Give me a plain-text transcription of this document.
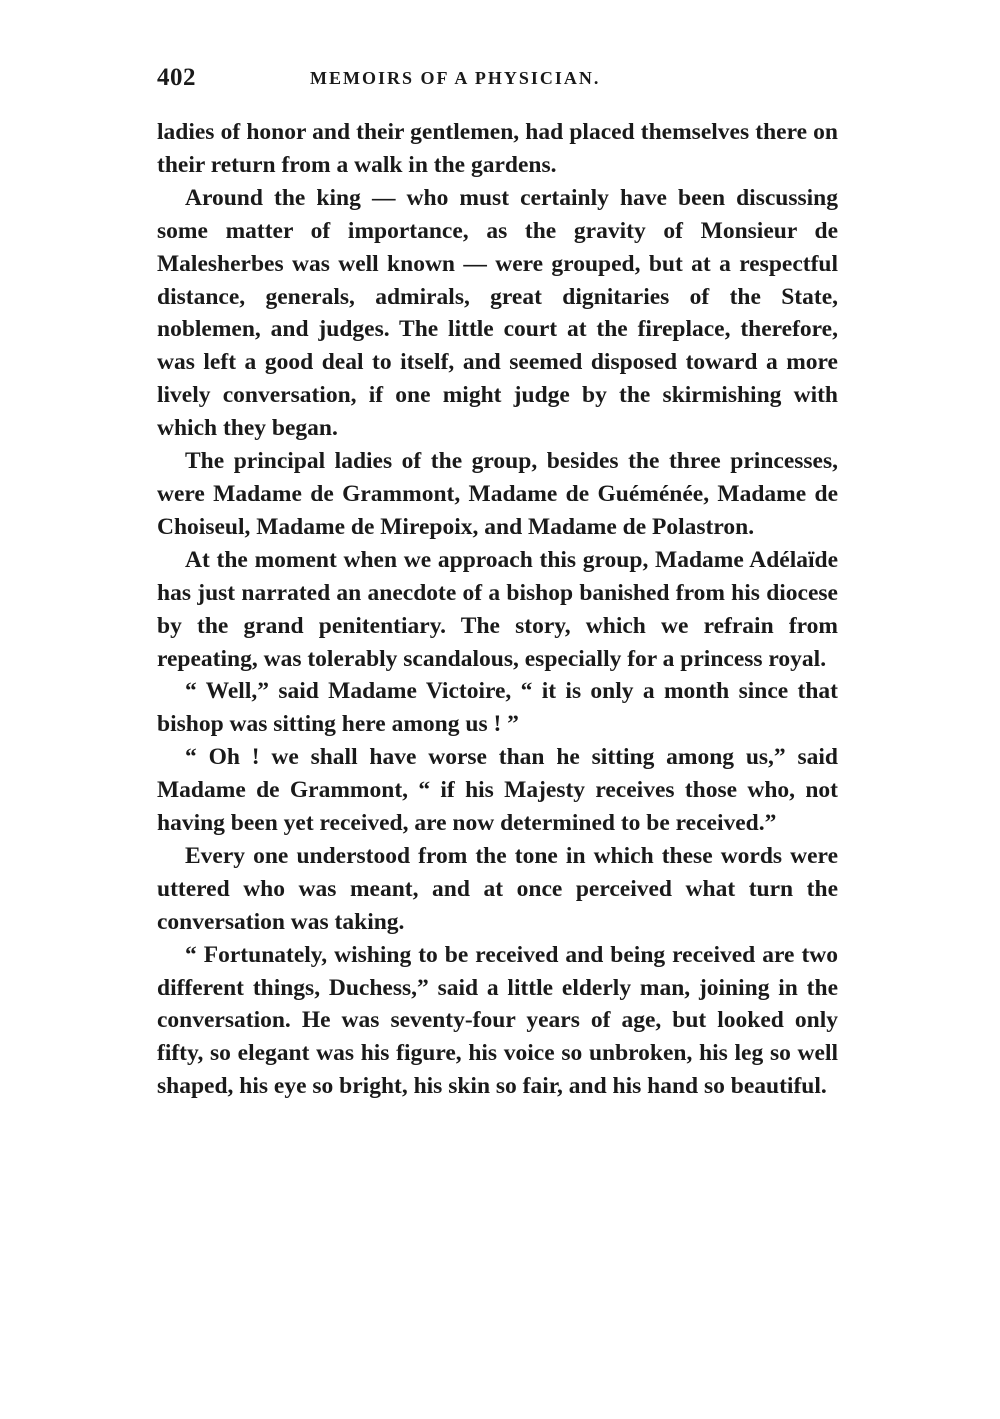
402	MEMOIRS OF A PHYSICIAN.

ladies of honor and their gentlemen, had placed themselves there on their return from a walk in the gardens.

Around the king — who must certainly have been discussing some matter of importance, as the gravity of Monsieur de Malesherbes was well known — were grouped, but at a respectful distance, generals, admirals, great dignitaries of the State, noblemen, and judges. The little court at the fireplace, therefore, was left a good deal to itself, and seemed disposed toward a more lively conversation, if one might judge by the skirmishing with which they began.

The principal ladies of the group, besides the three princesses, were Madame de Grammont, Madame de Guéménée, Madame de Choiseul, Madame de Mirepoix, and Madame de Polastron.

At the moment when we approach this group, Madame Adélaïde has just narrated an anecdote of a bishop banished from his diocese by the grand penitentiary. The story, which we refrain from repeating, was tolerably scandalous, especially for a princess royal.

“ Well,” said Madame Victoire, “ it is only a month since that bishop was sitting here among us ! ”

“ Oh ! we shall have worse than he sitting among us,” said Madame de Grammont, “ if his Majesty receives those who, not having been yet received, are now determined to be received.”

Every one understood from the tone in which these words were uttered who was meant, and at once perceived what turn the conversation was taking.

“ Fortunately, wishing to be received and being received are two different things, Duchess,” said a little elderly man, joining in the conversation. He was seventy-four years of age, but looked only fifty, so elegant was his figure, his voice so unbroken, his leg so well shaped, his eye so bright, his skin so fair, and his hand so beautiful.
